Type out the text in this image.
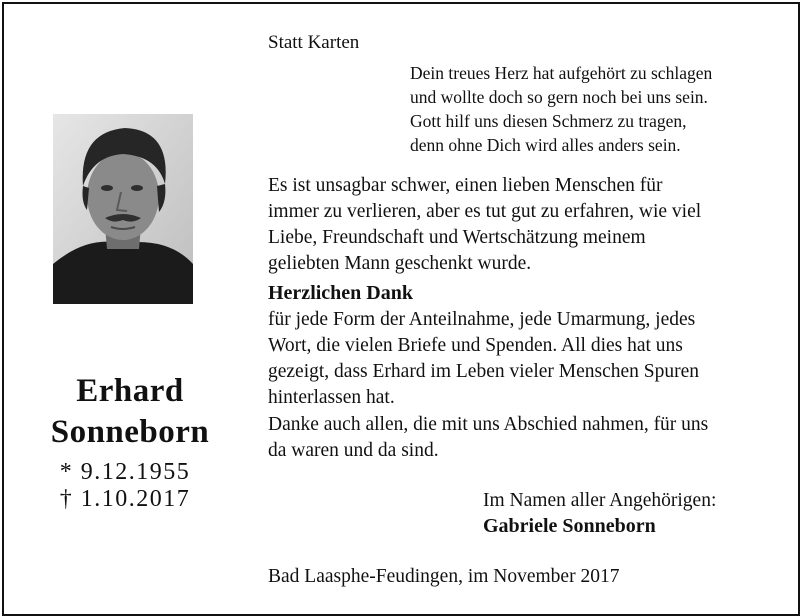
Erhard
Sonneborn
* 9.12.1955
† 1.10.2017
Statt Karten
Dein treues Herz hat aufgehört zu schlagen
und wollte doch so gern noch bei uns sein.
Gott hilf uns diesen Schmerz zu tragen,
denn ohne Dich wird alles anders sein.
Es ist unsagbar schwer, einen lieben Menschen für
immer zu verlieren, aber es tut gut zu erfahren, wie viel
Liebe, Freundschaft und Wertschätzung meinem
geliebten Mann geschenkt wurde.
Herzlichen Dank
für jede Form der Anteilnahme, jede Umarmung, jedes
Wort, die vielen Briefe und Spenden. All dies hat uns
gezeigt, dass Erhard im Leben vieler Menschen Spuren
hinterlassen hat.
Danke auch allen, die mit uns Abschied nahmen, für uns
da waren und da sind.
Im Namen aller Angehörigen:
Gabriele Sonneborn
Bad Laasphe-Feudingen, im November 2017
